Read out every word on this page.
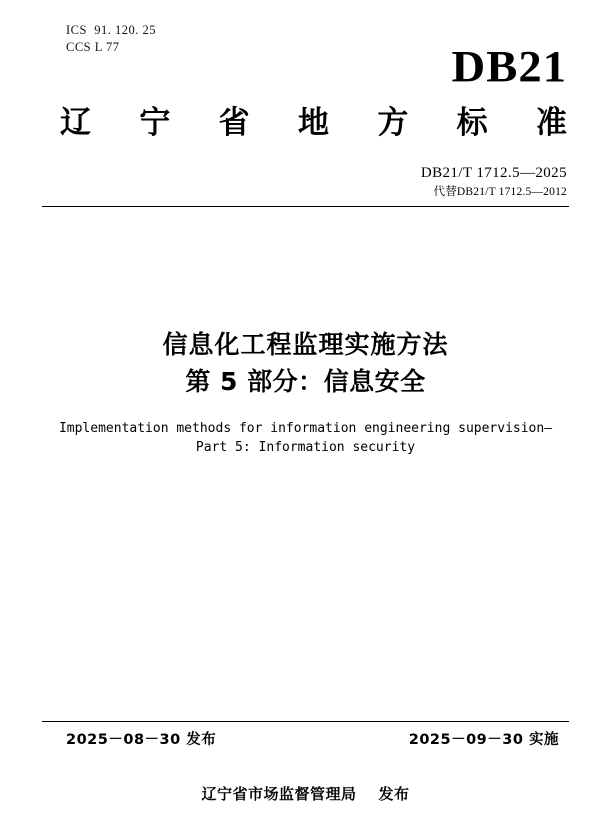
ICS  91. 120. 25
CCS L 77	DB21
辽 宁 省 地 方 标 准
DB21/T 1712.5—2025
代替DB21/T 1712.5—2012
信息化工程监理实施方法
第 5 部分：信息安全
Implementation methods for information engineering supervision—
Part 5: Information security
2025－08－30 发布	2025－09－30 实施
辽宁省市场监督管理局 发布
